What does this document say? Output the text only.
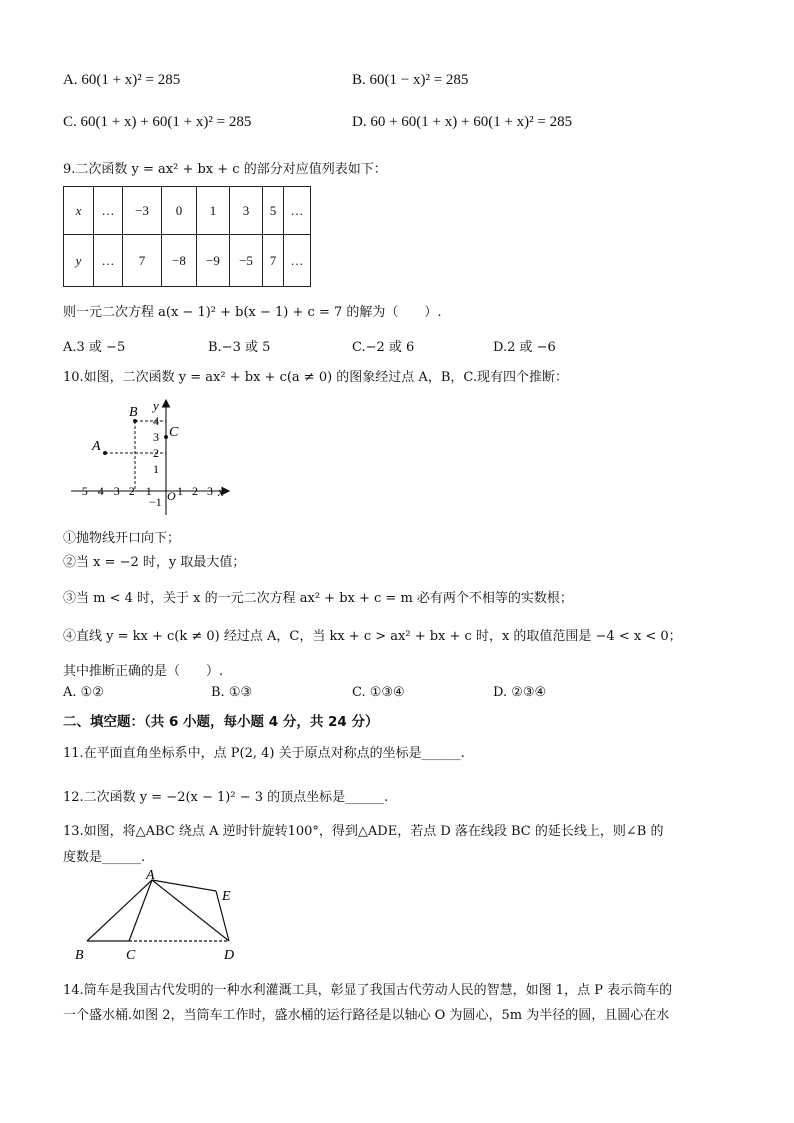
A. 60(1 + x)² = 285	B. 60(1 − x)² = 285
C. 60(1 + x) + 60(1 + x)² = 285	D. 60 + 60(1 + x) + 60(1 + x)² = 285
9.二次函数 y = ax² + bx + c 的部分对应值列表如下：
x	…	−3	0	1	3	5	…
y	…	7	−8	−9	−5	7	…
则一元二次方程 a(x − 1)² + b(x − 1) + c = 7 的解为（　　）.
A.3 或 −5	B.−3 或 5	C.−2 或 6	D.2 或 −6
10.如图，二次函数 y = ax² + bx + c(a ≠ 0) 的图象经过点 A，B，C.现有四个推断：
A
B
C
y
x
O
4
3
2
1
−1
−5 −4 −3 −2 −1 1 2 3
①抛物线开口向下；
②当 x = −2 时，y 取最大值；
③当 m < 4 时，关于 x 的一元二次方程 ax² + bx + c = m 必有两个不相等的实数根；
④直线 y = kx + c(k ≠ 0) 经过点 A，C，当 kx + c > ax² + bx + c 时，x 的取值范围是 −4 < x < 0；
其中推断正确的是（　　）.
A. ①②	B. ①③	C. ①③④	D. ②③④
二、填空题：（共 6 小题，每小题 4 分，共 24 分）
11.在平面直角坐标系中，点 P(2, 4) 关于原点对称点的坐标是______.
12.二次函数 y = −2(x − 1)² − 3 的顶点坐标是______.
13.如图，将△ABC 绕点 A 逆时针旋转100°，得到△ADE，若点 D 落在线段 BC 的延长线上，则∠B 的
度数是______.
A
B	C	D
E
14.筒车是我国古代发明的一种水利灌溉工具，彰显了我国古代劳动人民的智慧，如图 1，点 P 表示筒车的
一个盛水桶.如图 2，当筒车工作时，盛水桶的运行路径是以轴心 O 为圆心，5m 为半径的圆，且圆心在水
